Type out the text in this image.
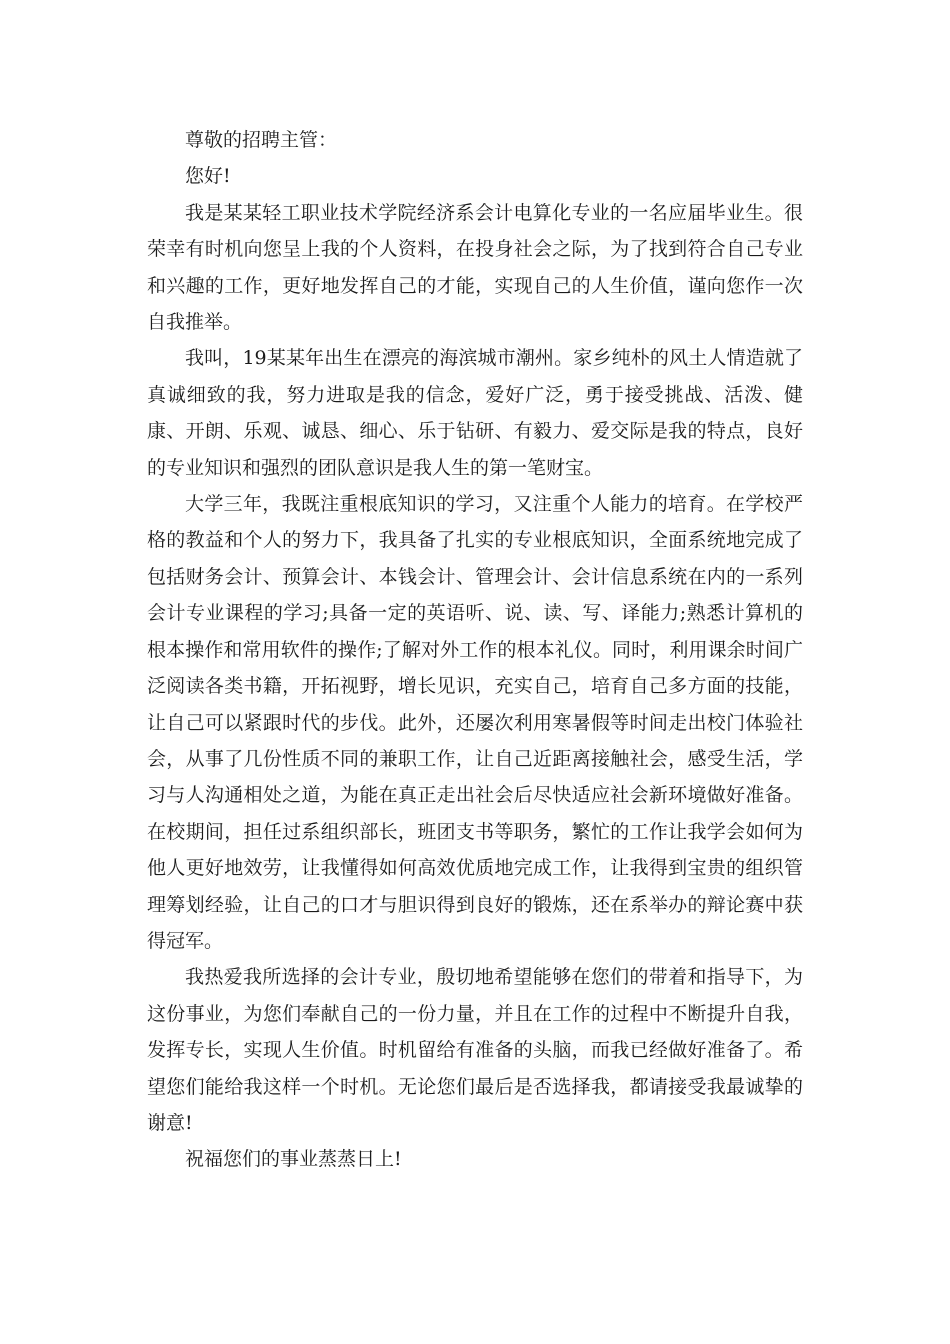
尊敬的招聘主管：

您好!

我是某某轻工职业技术学院经济系会计电算化专业的一名应届毕业生。很荣幸有时机向您呈上我的个人资料，在投身社会之际，为了找到符合自己专业和兴趣的工作，更好地发挥自己的才能，实现自己的人生价值，谨向您作一次自我推举。

我叫，19某某年出生在漂亮的海滨城市潮州。家乡纯朴的风土人情造就了真诚细致的我，努力进取是我的信念，爱好广泛，勇于接受挑战、活泼、健康、开朗、乐观、诚恳、细心、乐于钻研、有毅力、爱交际是我的特点，良好的专业知识和强烈的团队意识是我人生的第一笔财宝。

大学三年，我既注重根底知识的学习，又注重个人能力的培育。在学校严格的教益和个人的努力下，我具备了扎实的专业根底知识，全面系统地完成了包括财务会计、预算会计、本钱会计、管理会计、会计信息系统在内的一系列会计专业课程的学习;具备一定的英语听、说、读、写、译能力;熟悉计算机的根本操作和常用软件的操作;了解对外工作的根本礼仪。同时，利用课余时间广泛阅读各类书籍，开拓视野，增长见识，充实自己，培育自己多方面的技能，让自己可以紧跟时代的步伐。此外，还屡次利用寒暑假等时间走出校门体验社会，从事了几份性质不同的兼职工作，让自己近距离接触社会，感受生活，学习与人沟通相处之道，为能在真正走出社会后尽快适应社会新环境做好准备。在校期间，担任过系组织部长，班团支书等职务，繁忙的工作让我学会如何为他人更好地效劳，让我懂得如何高效优质地完成工作，让我得到宝贵的组织管理筹划经验，让自己的口才与胆识得到良好的锻炼，还在系举办的辩论赛中获得冠军。

我热爱我所选择的会计专业，殷切地希望能够在您们的带着和指导下，为这份事业，为您们奉献自己的一份力量，并且在工作的过程中不断提升自我，发挥专长，实现人生价值。时机留给有准备的头脑，而我已经做好准备了。希望您们能给我这样一个时机。无论您们最后是否选择我，都请接受我最诚挚的谢意!

祝福您们的事业蒸蒸日上!
